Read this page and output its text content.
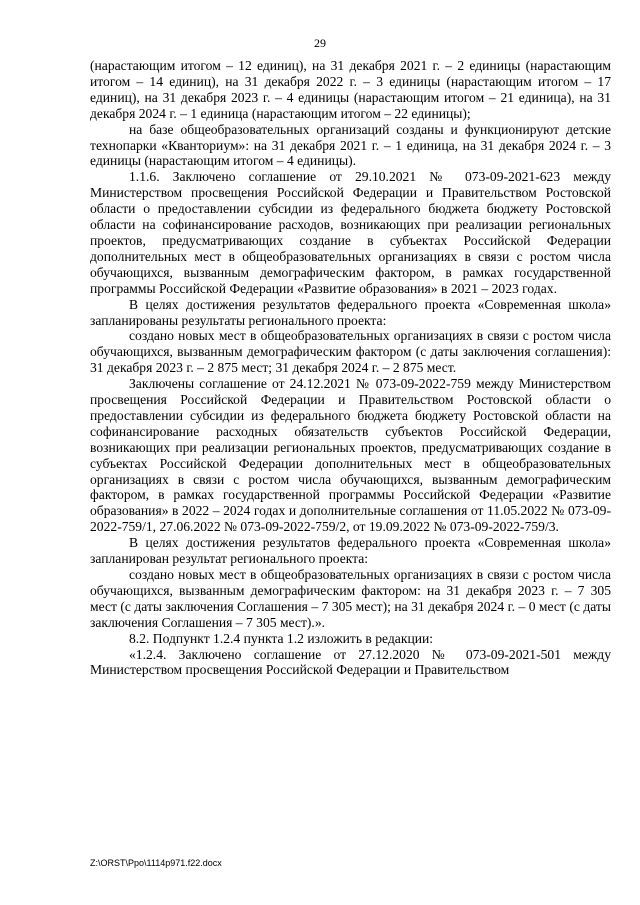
29

(нарастающим итогом – 12 единиц), на 31 декабря 2021 г. – 2 единицы (нарастающим итогом – 14 единиц), на 31 декабря 2022 г. – 3 единицы (нарастающим итогом – 17 единиц), на 31 декабря 2023 г. – 4 единицы (нарастающим итогом – 21 единица), на 31 декабря 2024 г. – 1 единица (нарастающим итогом – 22 единицы);

на базе общеобразовательных организаций созданы и функционируют детские технопарки «Кванториум»: на 31 декабря 2021 г. – 1 единица, на 31 декабря 2024 г. – 3 единицы (нарастающим итогом – 4 единицы).

1.1.6. Заключено соглашение от 29.10.2021 № 073-09-2021-623 между Министерством просвещения Российской Федерации и Правительством Ростовской области о предоставлении субсидии из федерального бюджета бюджету Ростовской области на софинансирование расходов, возникающих при реализации региональных проектов, предусматривающих создание в субъектах Российской Федерации дополнительных мест в общеобразовательных организациях в связи с ростом числа обучающихся, вызванным демографическим фактором, в рамках государственной программы Российской Федерации «Развитие образования» в 2021 – 2023 годах.

В целях достижения результатов федерального проекта «Современная школа» запланированы результаты регионального проекта:

создано новых мест в общеобразовательных организациях в связи с ростом числа обучающихся, вызванным демографическим фактором (с даты заключения соглашения): 31 декабря 2023 г. – 2 875 мест; 31 декабря 2024 г. – 2 875 мест.

Заключены соглашение от 24.12.2021 № 073-09-2022-759 между Министерством просвещения Российской Федерации и Правительством Ростовской области о предоставлении субсидии из федерального бюджета бюджету Ростовской области на софинансирование расходных обязательств субъектов Российской Федерации, возникающих при реализации региональных проектов, предусматривающих создание в субъектах Российской Федерации дополнительных мест в общеобразовательных организациях в связи с ростом числа обучающихся, вызванным демографическим фактором, в рамках государственной программы Российской Федерации «Развитие образования» в 2022 – 2024 годах и дополнительные соглашения от 11.05.2022 № 073-09-2022-759/1, 27.06.2022 № 073-09-2022-759/2, от 19.09.2022 № 073-09-2022-759/3.

В целях достижения результатов федерального проекта «Современная школа» запланирован результат регионального проекта:

создано новых мест в общеобразовательных организациях в связи с ростом числа обучающихся, вызванным демографическим фактором: на 31 декабря 2023 г. – 7 305 мест (с даты заключения Соглашения – 7 305 мест); на 31 декабря 2024 г. – 0 мест (с даты заключения Соглашения – 7 305 мест).».

8.2. Подпункт 1.2.4 пункта 1.2 изложить в редакции:

«1.2.4. Заключено соглашение от 27.12.2020 № 073-09-2021-501 между Министерством просвещения Российской Федерации и Правительством

Z:\ORST\Ppo\1114p971.f22.docx
